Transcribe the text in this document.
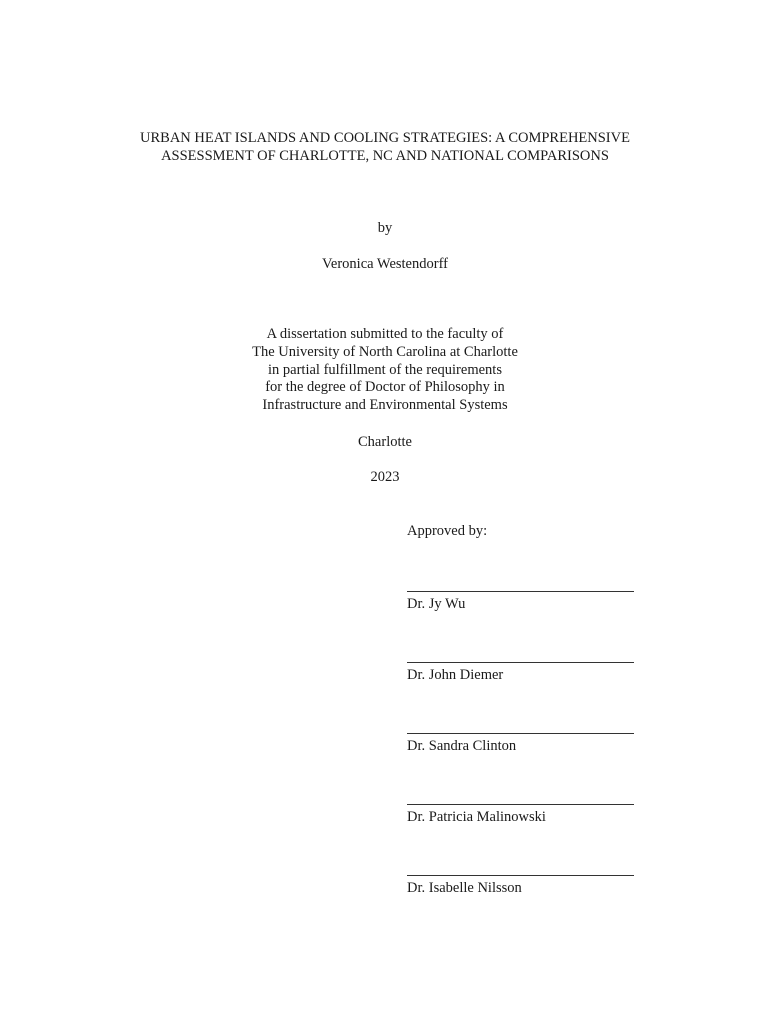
URBAN HEAT ISLANDS AND COOLING STRATEGIES: A COMPREHENSIVE
ASSESSMENT OF CHARLOTTE, NC AND NATIONAL COMPARISONS
by
Veronica Westendorff
A dissertation submitted to the faculty of
The University of North Carolina at Charlotte
in partial fulfillment of the requirements
for the degree of Doctor of Philosophy in
Infrastructure and Environmental Systems
Charlotte
2023
Approved by:
Dr. Jy Wu
Dr. John Diemer
Dr. Sandra Clinton
Dr. Patricia Malinowski
Dr. Isabelle Nilsson
